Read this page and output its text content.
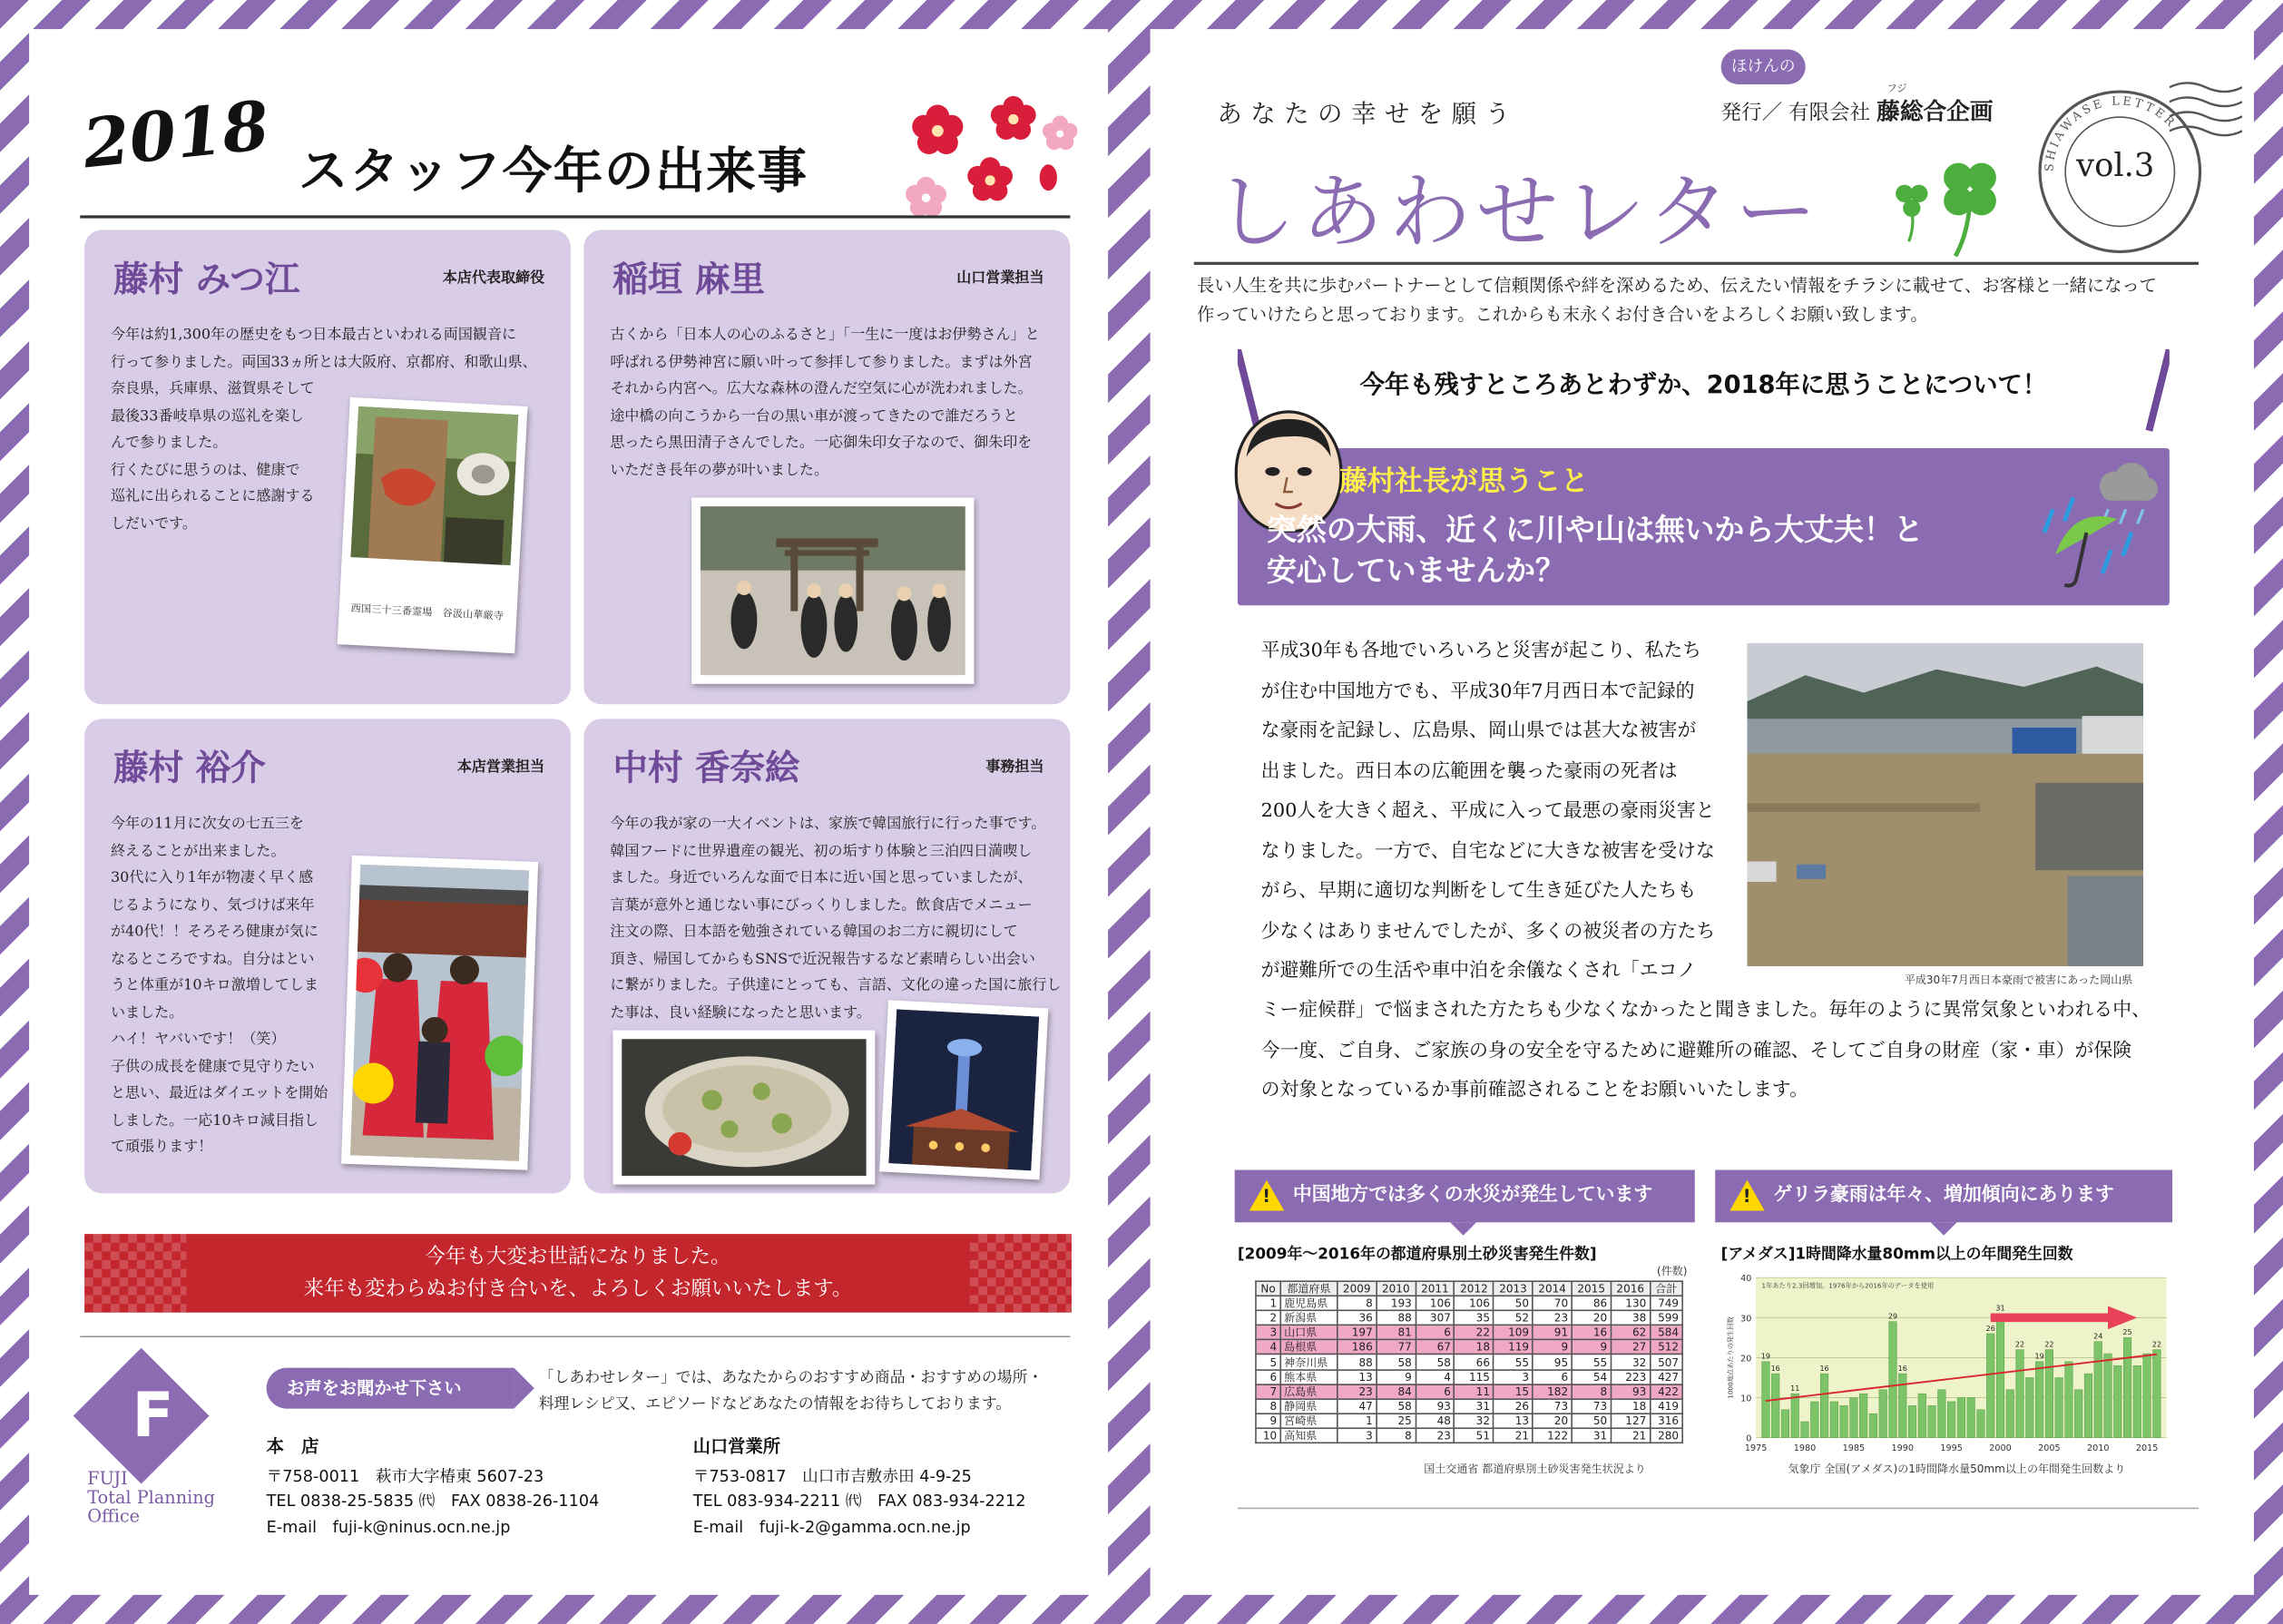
2018 スタッフ今年の出来事
藤村 みつ江	本店代表取締役
今年は約1,300年の歴史をもつ日本最古といわれる両国観音に
行って参りました。両国33ヵ所とは大阪府、京都府、和歌山県、
奈良県，兵庫県、滋賀県そして
最後33番岐阜県の巡礼を楽し
んで参りました。
行くたびに思うのは、健康で
巡礼に出られることに感謝する
しだいです。
西国三十三番霊場　谷汲山華厳寺
稲垣 麻里	山口営業担当
古くから「日本人の心のふるさと」「一生に一度はお伊勢さん」と
呼ばれる伊勢神宮に願い叶って参拝して参りました。まずは外宮
それから内宮へ。広大な森林の澄んだ空気に心が洗われました。
途中橋の向こうから一台の黒い車が渡ってきたので誰だろうと
思ったら黒田清子さんでした。一応御朱印女子なので、御朱印を
いただき長年の夢が叶いました。
藤村 裕介	本店営業担当
今年の11月に次女の七五三を
終えることが出来ました。
30代に入り1年が物凄く早く感
じるようになり、気づけば来年
が40代！！そろそろ健康が気に
なるところですね。自分はとい
うと体重が10キロ激増してしま
いました。
ハイ！ヤバいです！（笑）
子供の成長を健康で見守りたい
と思い、最近はダイエットを開始
しました。一応10キロ減目指し
て頑張ります！
中村 香奈絵	事務担当
今年の我が家の一大イベントは、家族で韓国旅行に行った事です。
韓国フードに世界遺産の観光、初の垢すり体験と三泊四日満喫し
ました。身近でいろんな面で日本に近い国と思っていましたが、
言葉が意外と通じない事にびっくりしました。飲食店でメニュー
注文の際、日本語を勉強されている韓国のお二方に親切にして
頂き、帰国してからもSNSで近況報告するなど素晴らしい出会い
に繋がりました。子供達にとっても、言語、文化の違った国に旅行し
た事は、良い経験になったと思います。
今年も大変お世話になりました。
来年も変わらぬお付き合いを、よろしくお願いいたします。
F
FUJI
Total Planning
Office
お声をお聞かせ下さい
「しあわせレター」では、あなたからのおすすめ商品・おすすめの場所・
料理レシピ又、エピソードなどあなたの情報をお待ちしております。
本　店
〒758-0011　萩市大字椿東 5607-23
TEL 0838-25-5835 ㈹　FAX 0838-26-1104
E-mail　fuji-k@ninus.ocn.ne.jp
山口営業所
〒753-0817　山口市吉敷赤田 4-9-25
TEL 083-934-2211 ㈹　FAX 083-934-2212
E-mail　fuji-k-2@gamma.ocn.ne.jp
あなたの幸せを願う
ほけんの
フジ
発行／ 有限会社 藤総合企画
しあわせレター	SHIAWASE LETTER
vol.3
長い人生を共に歩むパートナーとして信頼関係や絆を深めるため、伝えたい情報をチラシに載せて、お客様と一緒になって
作っていけたらと思っております。これからも末永くお付き合いをよろしくお願い致します。
今年も残すところあとわずか、2018年に思うことについて！
藤村社長が思うこと
突然の大雨、近くに川や山は無いから大丈夫！と
安心していませんか？
平成30年も各地でいろいろと災害が起こり、私たち
が住む中国地方でも、平成30年7月西日本で記録的
な豪雨を記録し、広島県、岡山県では甚大な被害が
出ました。西日本の広範囲を襲った豪雨の死者は
200人を大きく超え、平成に入って最悪の豪雨災害と
なりました。一方で、自宅などに大きな被害を受けな
がら、早期に適切な判断をして生き延びた人たちも
少なくはありませんでしたが、多くの被災者の方たち
が避難所での生活や車中泊を余儀なくされ「エコノ
ミー症候群」で悩まされた方たちも少なくなかったと聞きました。毎年のように異常気象といわれる中、
今一度、ご自身、ご家族の身の安全を守るために避難所の確認、そしてご自身の財産（家・車）が保険
の対象となっているか事前確認されることをお願いいたします。
平成30年7月西日本豪雨で被害にあった岡山県
! 中国地方では多くの水災が発生しています	! ゲリラ豪雨は年々、増加傾向にあります
[2009年〜2016年の都道府県別土砂災害発生件数]
(件数)
No	都道府県	2009	2010	2011	2012	2013	2014	2015	2016	合計
1	鹿児島県	8	193	106	106	50	70	86	130	749
2	新潟県	36	88	307	35	52	23	20	38	599
3	山口県	197	81	6	22	109	91	16	62	584
4	島根県	186	77	67	18	119	9	9	27	512
5	神奈川県	88	58	58	66	55	95	55	32	507
6	熊本県	13	9	4	115	3	6	54	223	427
7	広島県	23	84	6	11	15	182	8	93	422
8	静岡県	47	58	93	31	26	73	73	18	419
9	宮崎県	1	25	48	32	13	20	50	127	316
10	高知県	3	8	23	51	21	122	31	21	280
国土交通省 都道府県別土砂災害発生状況より
[アメダス]1時間降水量80mm以上の年間発生回数
0
10
20
30
40
1975	1980	1985	1990	1995	2000	2005	2010	2015
1000地点あたりの発生回数
1年あたり2.3回増加。1976年から2016年のデータを使用
19
16
11
16
29
16
26
31
22
19
22
24	25
22
気象庁 全国(アメダス)の1時間降水量50mm以上の年間発生回数より
